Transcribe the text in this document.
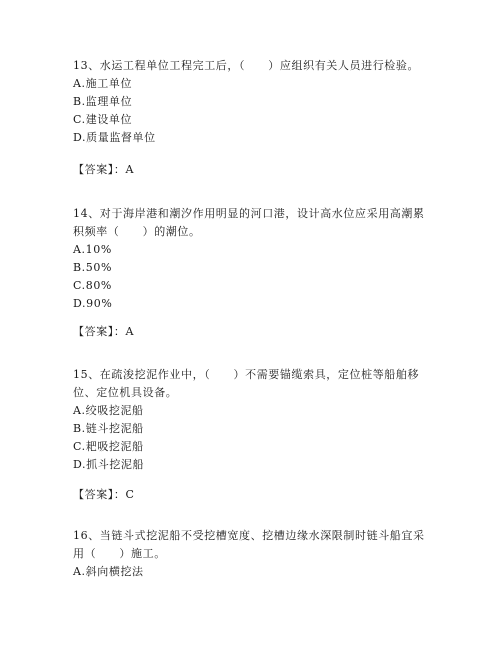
13、水运工程单位工程完工后，（　　）应组织有关人员进行检验。

A.施工单位
B.监理单位
C.建设单位
D.质量监督单位
【答案】：A

14、对于海岸港和潮汐作用明显的河口港，设计高水位应采用高潮累积频率（　　）的潮位。

A.10%
B.50%
C.80%
D.90%
【答案】：A

15、在疏浚挖泥作业中，（　　）不需要锚缆索具，定位桩等船舶移位、定位机具设备。

A.绞吸挖泥船
B.链斗挖泥船
C.耙吸挖泥船
D.抓斗挖泥船
【答案】：C

16、当链斗式挖泥船不受挖槽宽度、挖槽边缘水深限制时链斗船宜采用（　　）施工。

A.斜向横挖法
